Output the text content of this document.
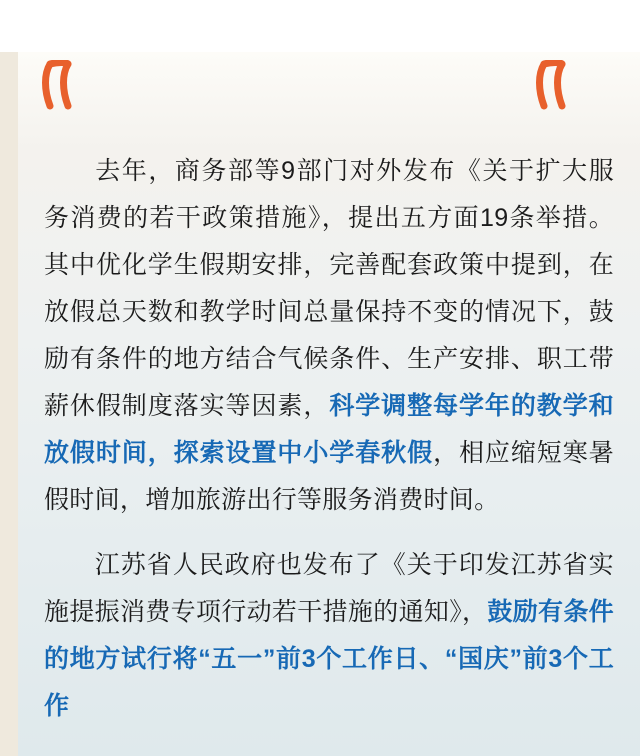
去年，商务部等9部门对外发布《关于扩大服务消费的若干政策措施》，提出五方面19条举措。其中优化学生假期安排，完善配套政策中提到，在放假总天数和教学时间总量保持不变的情况下，鼓励有条件的地方结合气候条件、生产安排、职工带薪休假制度落实等因素，科学调整每学年的教学和放假时间，探索设置中小学春秋假，相应缩短寒暑假时间，增加旅游出行等服务消费时间。

江苏省人民政府也发布了《关于印发江苏省实施提振消费专项行动若干措施的通知》，鼓励有条件的地方试行将“五一”前3个工作日、“国庆”前3个工作
